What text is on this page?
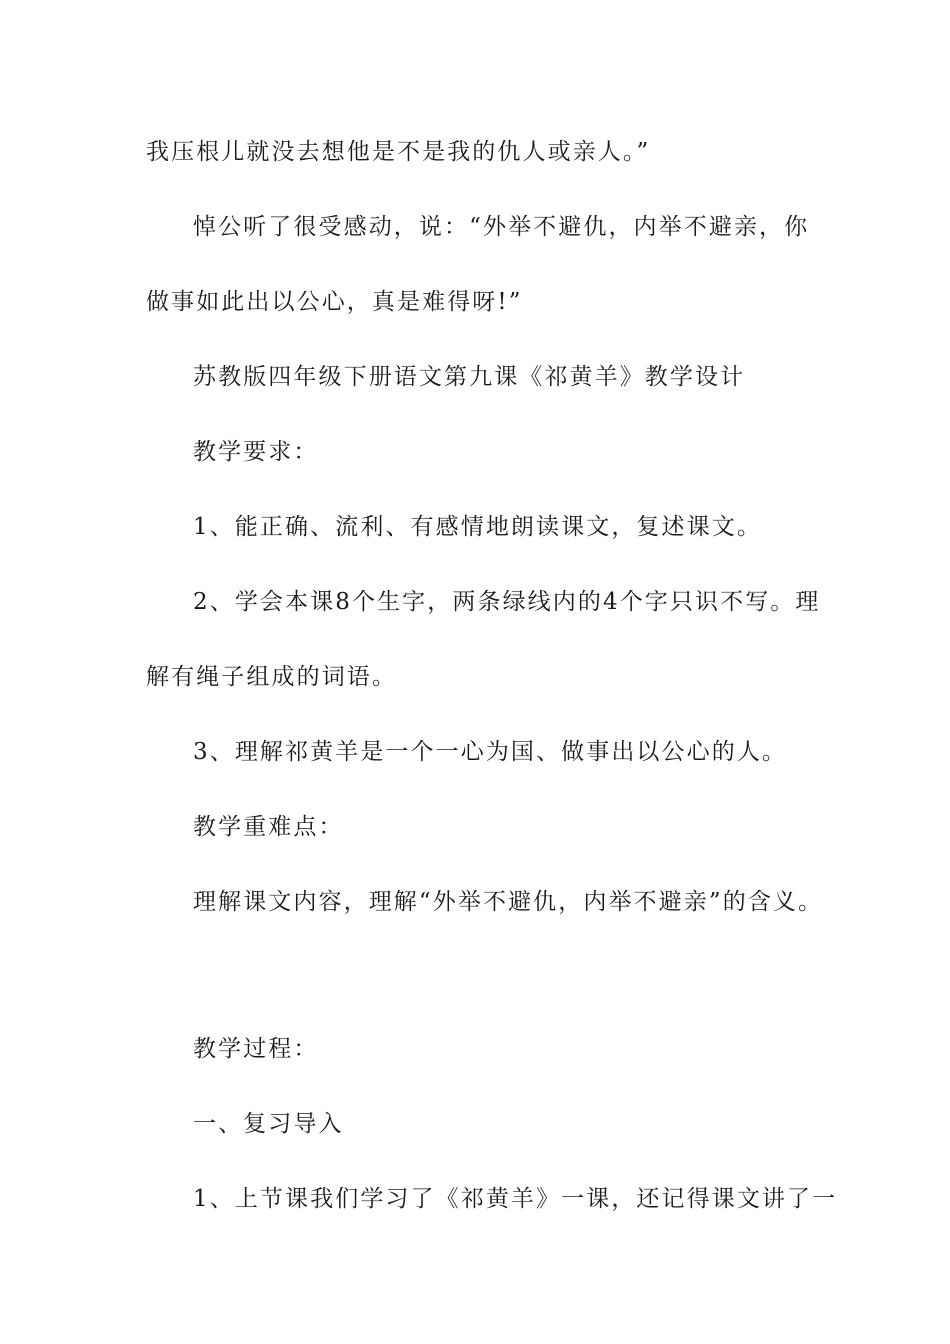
我压根儿就没去想他是不是我的仇人或亲人。”
悼公听了很受感动，说：“外举不避仇，内举不避亲，你
做事如此出以公心，真是难得呀!”
苏教版四年级下册语文第九课《祁黄羊》教学设计
教学要求：
1、能正确、流利、有感情地朗读课文，复述课文。
2、学会本课8个生字，两条绿线内的4个字只识不写。理
解有绳子组成的词语。
3、理解祁黄羊是一个一心为国、做事出以公心的人。
教学重难点：
理解课文内容，理解“外举不避仇，内举不避亲”的含义。
教学过程：
一、复习导入
1、上节课我们学习了《祁黄羊》一课，还记得课文讲了一
